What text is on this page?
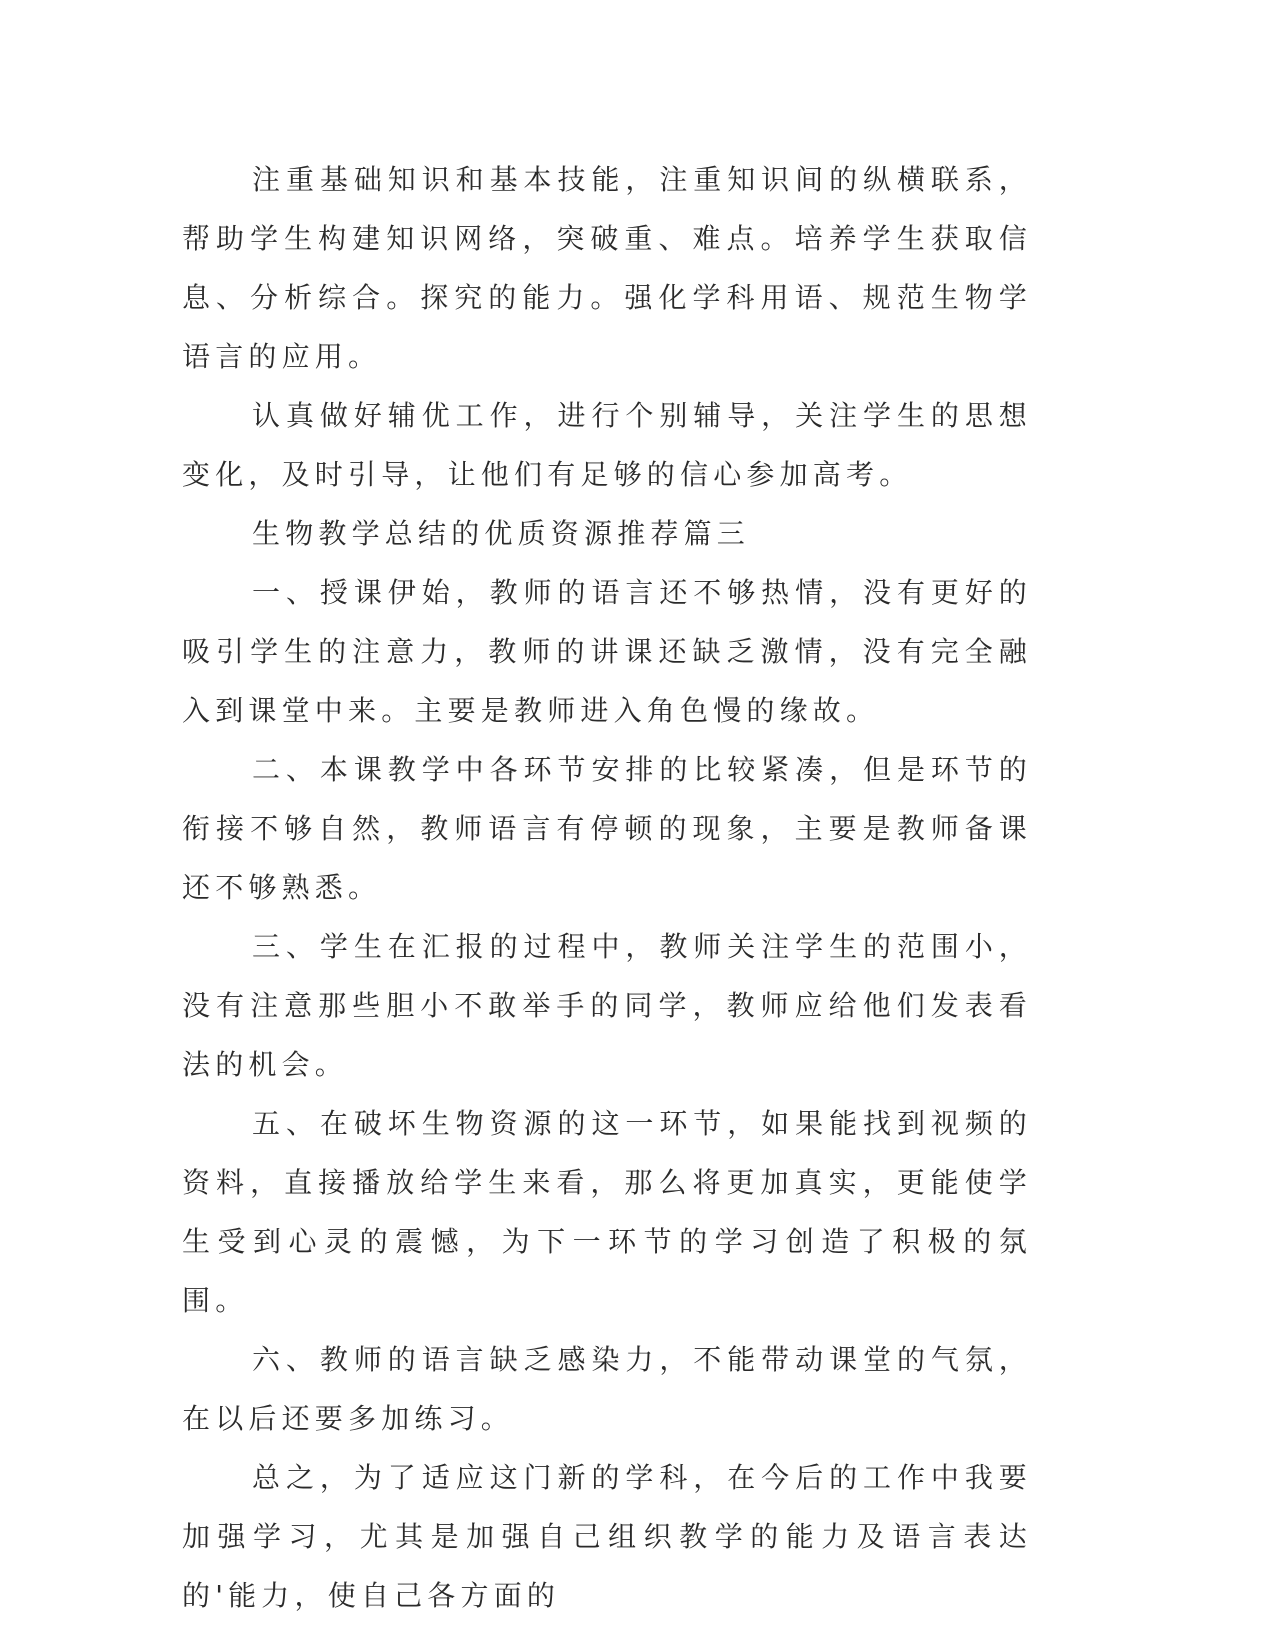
注重基础知识和基本技能，注重知识间的纵横联系，帮助学生构建知识网络，突破重、难点。培养学生获取信息、分析综合。探究的能力。强化学科用语、规范生物学语言的应用。

认真做好辅优工作，进行个别辅导，关注学生的思想变化，及时引导，让他们有足够的信心参加高考。

生物教学总结的优质资源推荐篇三

一、授课伊始，教师的语言还不够热情，没有更好的吸引学生的注意力，教师的讲课还缺乏激情，没有完全融入到课堂中来。主要是教师进入角色慢的缘故。

二、本课教学中各环节安排的比较紧凑，但是环节的衔接不够自然，教师语言有停顿的现象，主要是教师备课还不够熟悉。

三、学生在汇报的过程中，教师关注学生的范围小，没有注意那些胆小不敢举手的同学，教师应给他们发表看法的机会。

五、在破坏生物资源的这一环节，如果能找到视频的资料，直接播放给学生来看，那么将更加真实，更能使学生受到心灵的震憾，为下一环节的学习创造了积极的氛围。

六、教师的语言缺乏感染力，不能带动课堂的气氛，在以后还要多加练习。

总之，为了适应这门新的学科，在今后的工作中我要加强学习，尤其是加强自己组织教学的能力及语言表达的'能力，使自己各方面的
